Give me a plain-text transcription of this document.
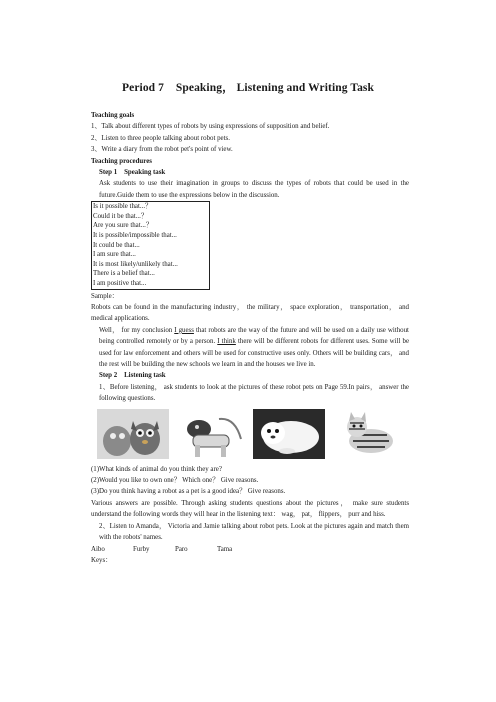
Period 7    Speaking， Listening and Writing Task

Teaching goals

1、Talk about different types of robots by using expressions of supposition and belief.

2、Listen to three people talking about robot pets.

3、Write a diary from the robot pet's point of view.

Teaching procedures

Step 1    Speaking task

Ask students to use their imagination in groups to discuss the types of robots that could be used in the future.Guide them to use the expressions below in the discussion.

Is it possible that...？
Could it be that...？
Are you sure that...？
It is possible/impossible that...
It could be that...
I am sure that...
It is most likely/unlikely that...
There is a belief that...
I am positive that...

Sample：

Robots can be found in the manufacturing industry， the military， space exploration， transportation， and medical applications.

Well， for my conclusion I guess that robots are the way of the future and will be used on a daily use without being controlled remotely or by a person. I think there will be different robots for different uses. Some will be used for law enforcement and others will be used for constructive uses only. Others will be building cars， and the rest will be building the new schools we learn in and the houses we live in.

Step 2    Listening task

1、Before listening， ask students to look at the pictures of these robot pets on Page 59.In pairs， answer the following questions.

(1)What kinds of animal do you think they are?

(2)Would you like to own one？ Which one？ Give reasons.

(3)Do you think having a robot as a pet is a good idea？ Give reasons.

Various answers are possible. Through asking students questions about the pictures， make sure students understand the following words they will hear in the listening text： wag， pat， flippers， purr and hiss.

2、Listen to Amanda， Victoria and Jamie talking about robot pets. Look at the pictures again and match them with the robots' names.

Aibo	Furby	Paro	Tama

Keys：
